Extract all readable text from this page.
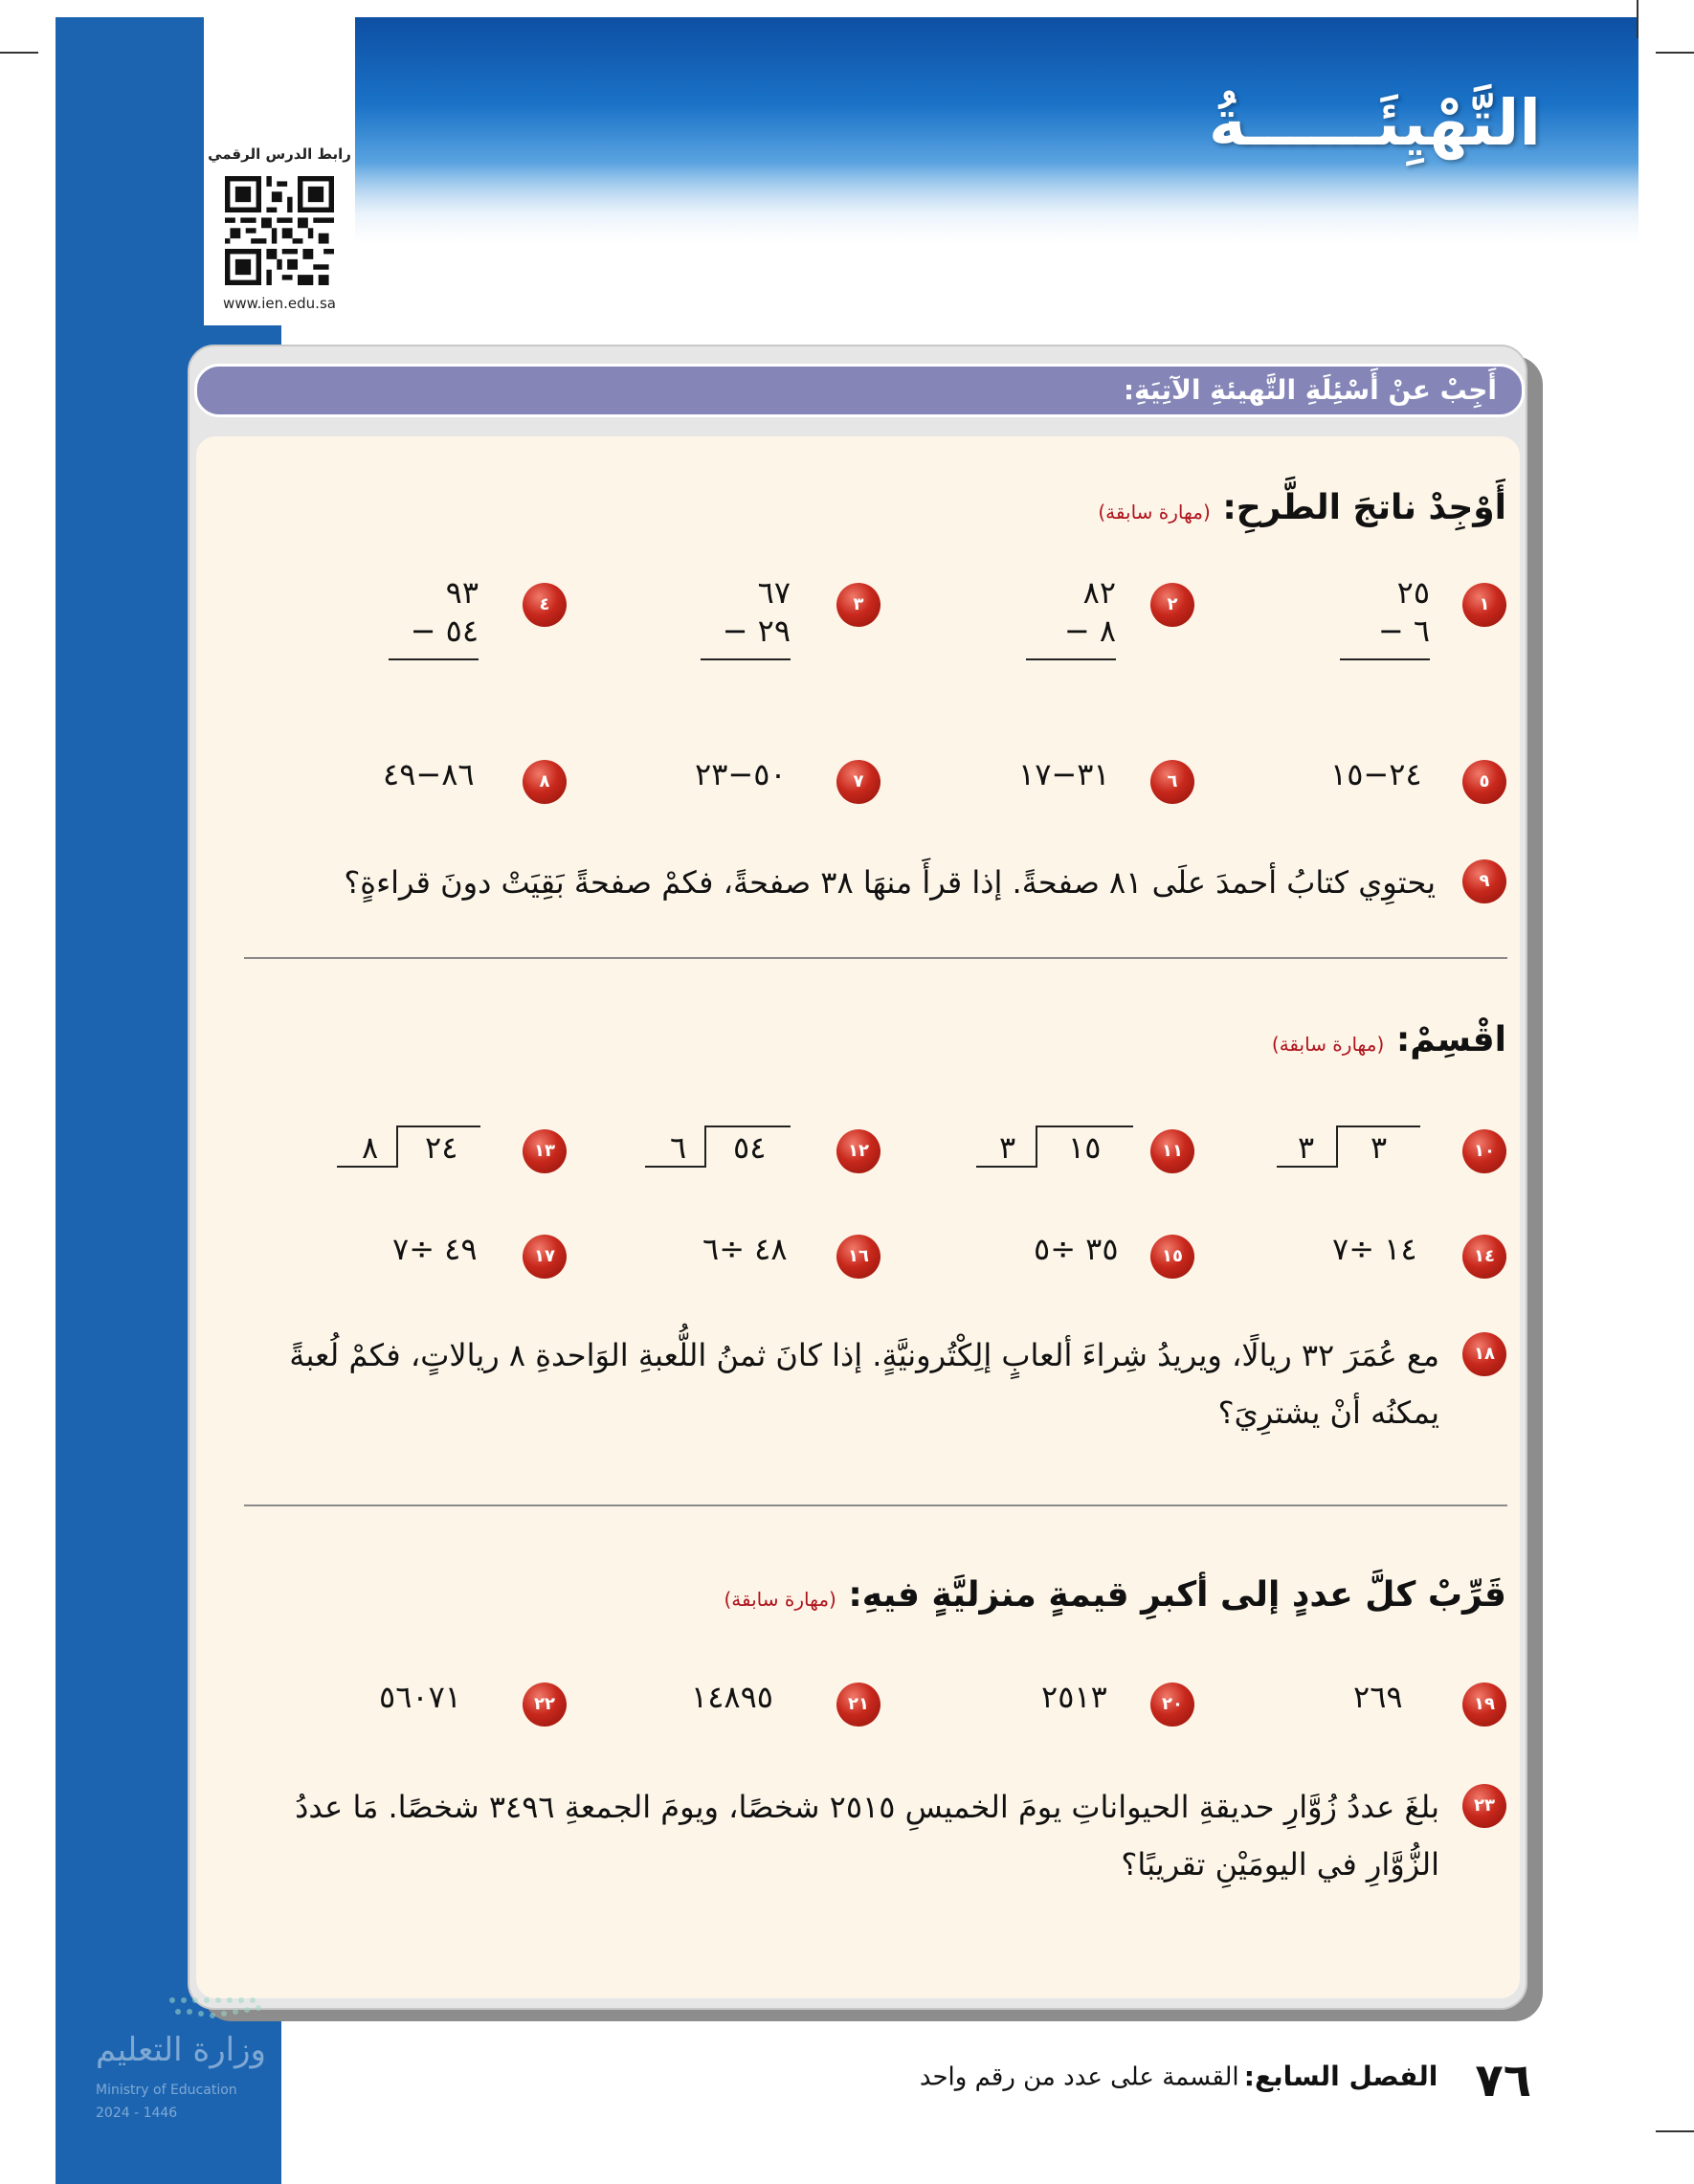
التَّهْيِئَــــــةُ
رابط الدرس الرقمي
www.ien.edu.sa
أَجِبْ عنْ أَسْئِلَةِ التَّهيئةِ الآتِيَةِ:
أَوْجِدْ ناتجَ الطَّرحِ: (مهارة سابقة)
١
٢٥
٦ −
٢
٨٢
٨ −
٣
٦٧
٢٩ −
٤
٩٣
٥٤ −
٥
٢٤−١٥
٦
٣١−١٧
٧
٥٠−٢٣
٨
٨٦−٤٩
٩
يحتوِي كتابُ أحمدَ علَى ٨١ صفحةً. إذا قرأَ منهَا ٣٨ صفحةً، فكمْ صفحةً بَقِيَتْ دونَ قراءةٍ؟
اقْسِمْ: (مهارة سابقة)
١٠
٣
٣
١١
١٥
٣
١٢
٥٤
٦
١٣
٢٤
٨
١٤
١٤ ÷٧
١٥
٣٥ ÷٥
١٦
٤٨ ÷٦
١٧
٤٩ ÷٧
١٨
مع عُمَرَ ٣٢ ريالًا، ويريدُ شِراءَ ألعابٍ إلِكْتُرونيَّةٍ. إذا كانَ ثمنُ اللُّعبةِ الوَاحدةِ ٨ ريالاتٍ، فكمْ لُعبةً يمكنُه أنْ يشترِيَ؟
قَرِّبْ كلَّ عددٍ إلى أكبرِ قيمةٍ منزليَّةٍ فيهِ: (مهارة سابقة)
١٩
٢٦٩
٢٠
٢٥١٣
٢١
١٤٨٩٥
٢٢
٥٦٠٧١
٢٣
بلغَ عددُ زُوَّارِ حديقةِ الحيواناتِ يومَ الخميسِ ٢٥١٥ شخصًا، ويومَ الجمعةِ ٣٤٩٦ شخصًا. مَا عددُ الزُّوَّارِ في اليومَيْنِ تقريبًا؟
٧٦ الفصل السابع: القسمة على عدد من رقم واحد
وزارة التعليم
Ministry of Education
2024 - 1446
